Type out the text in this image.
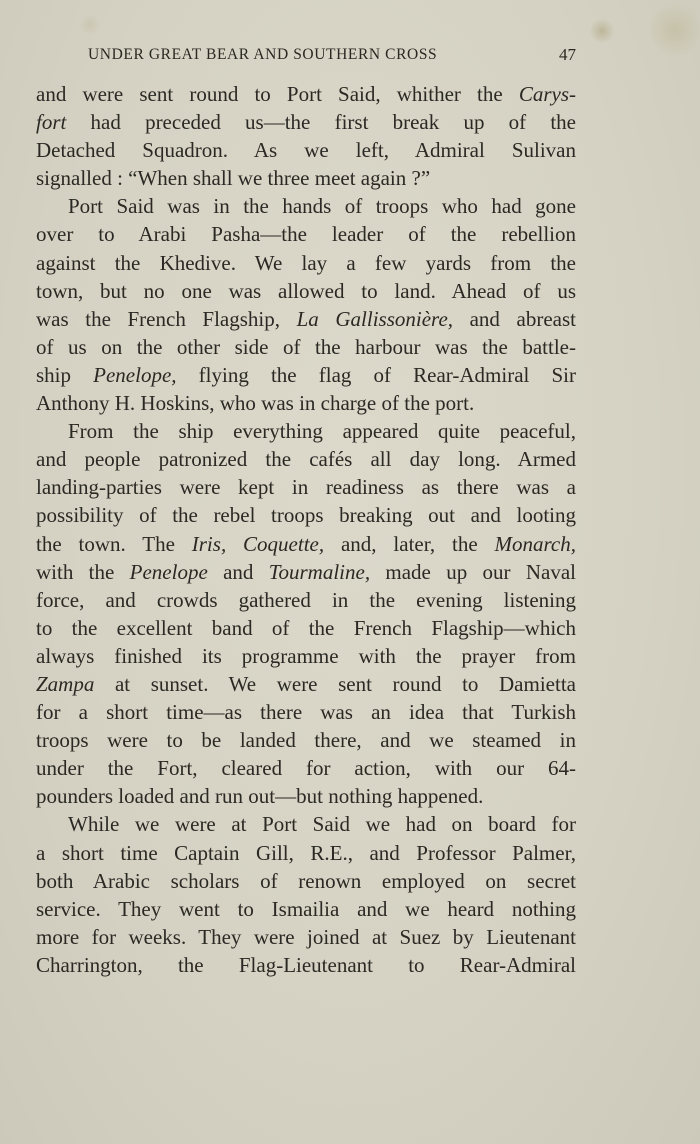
UNDER GREAT BEAR AND SOUTHERN CROSS	47
and were sent round to Port Said, whither the Carys-
fort had preceded us—the first break up of the
Detached Squadron. As we left, Admiral Sulivan
signalled : “When shall we three meet again ?”
Port Said was in the hands of troops who had gone
over to Arabi Pasha—the leader of the rebellion
against the Khedive. We lay a few yards from the
town, but no one was allowed to land. Ahead of us
was the French Flagship, La Gallissonière, and abreast
of us on the other side of the harbour was the battle-
ship Penelope, flying the flag of Rear-Admiral Sir
Anthony H. Hoskins, who was in charge of the port.
From the ship everything appeared quite peaceful,
and people patronized the cafés all day long. Armed
landing-parties were kept in readiness as there was a
possibility of the rebel troops breaking out and looting
the town. The Iris, Coquette, and, later, the Monarch,
with the Penelope and Tourmaline, made up our Naval
force, and crowds gathered in the evening listening
to the excellent band of the French Flagship—which
always finished its programme with the prayer from
Zampa at sunset. We were sent round to Damietta
for a short time—as there was an idea that Turkish
troops were to be landed there, and we steamed in
under the Fort, cleared for action, with our 64-
pounders loaded and run out—but nothing happened.
While we were at Port Said we had on board for
a short time Captain Gill, R.E., and Professor Palmer,
both Arabic scholars of renown employed on secret
service. They went to Ismailia and we heard nothing
more for weeks. They were joined at Suez by Lieutenant
Charrington, the Flag-Lieutenant to Rear-Admiral
